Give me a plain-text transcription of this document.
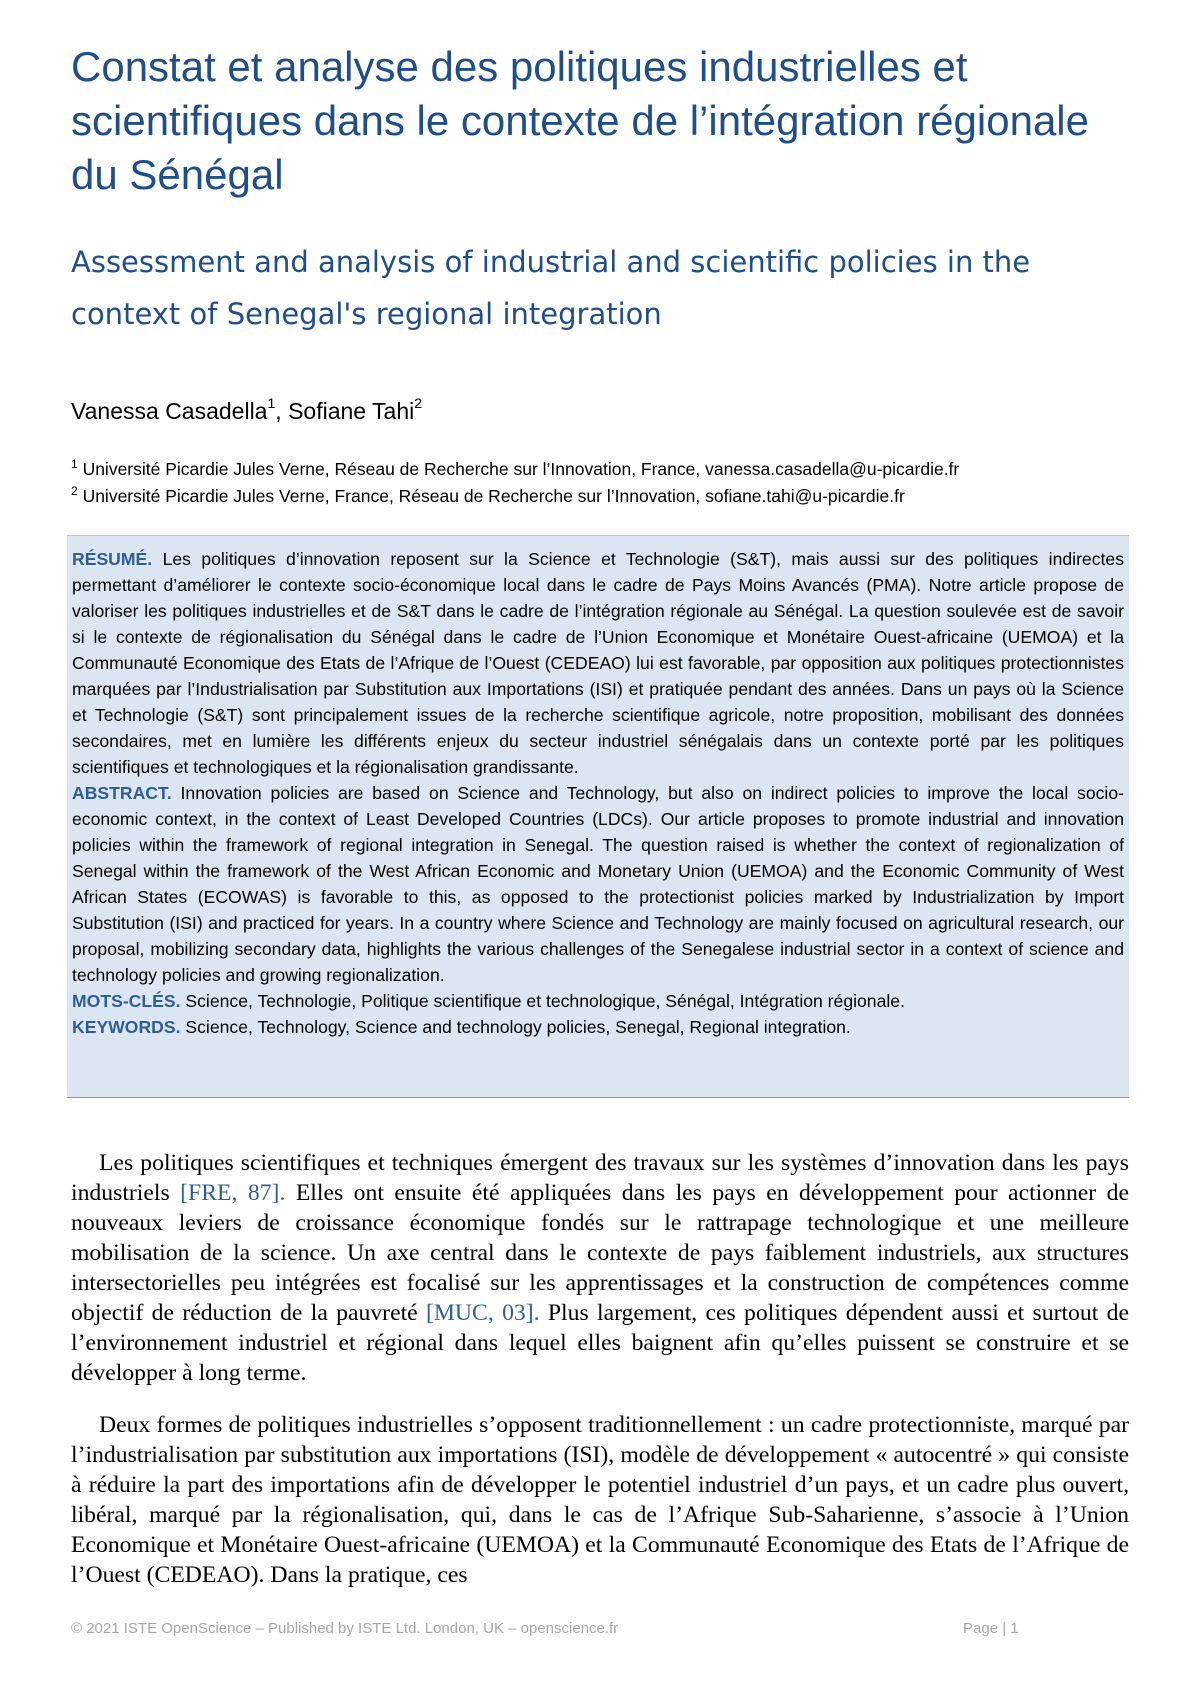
Constat et analyse des politiques industrielles et scientifiques dans le contexte de l’intégration régionale du Sénégal
Assessment and analysis of industrial and scientific policies in the context of Senegal's regional integration

Vanessa Casadella$^1$, Sofiane Tahi$^2$

$^1$ Université Picardie Jules Verne, Réseau de Recherche sur l’Innovation, France, vanessa.casadella@u-picardie.fr

$^2$ Université Picardie Jules Verne, France, Réseau de Recherche sur l’Innovation, sofiane.tahi@u-picardie.fr

RÉSUMÉ. Les politiques d’innovation reposent sur la Science et Technologie (S&T), mais aussi sur des politiques indirectes permettant d’améliorer le contexte socio-économique local dans le cadre de Pays Moins Avancés (PMA). Notre article propose de valoriser les politiques industrielles et de S&T dans le cadre de l’intégration régionale au Sénégal. La question soulevée est de savoir si le contexte de régionalisation du Sénégal dans le cadre de l’Union Economique et Monétaire Ouest-africaine (UEMOA) et la Communauté Economique des Etats de l’Afrique de l’Ouest (CEDEAO) lui est favorable, par opposition aux politiques protectionnistes marquées par l’Industrialisation par Substitution aux Importations (ISI) et pratiquée pendant des années. Dans un pays où la Science et Technologie (S&T) sont principalement issues de la recherche scientifique agricole, notre proposition, mobilisant des données secondaires, met en lumière les différents enjeux du secteur industriel sénégalais dans un contexte porté par les politiques scientifiques et technologiques et la régionalisation grandissante.

ABSTRACT. Innovation policies are based on Science and Technology, but also on indirect policies to improve the local socio-economic context, in the context of Least Developed Countries (LDCs). Our article proposes to promote industrial and innovation policies within the framework of regional integration in Senegal. The question raised is whether the context of regionalization of Senegal within the framework of the West African Economic and Monetary Union (UEMOA) and the Economic Community of West African States (ECOWAS) is favorable to this, as opposed to the protectionist policies marked by Industrialization by Import Substitution (ISI) and practiced for years. In a country where Science and Technology are mainly focused on agricultural research, our proposal, mobilizing secondary data, highlights the various challenges of the Senegalese industrial sector in a context of science and technology policies and growing regionalization.

MOTS-CLÉS. Science, Technologie, Politique scientifique et technologique, Sénégal, Intégration régionale.

KEYWORDS. Science, Technology, Science and technology policies, Senegal, Regional integration.

Les politiques scientifiques et techniques émergent des travaux sur les systèmes d’innovation dans les pays industriels [FRE, 87]. Elles ont ensuite été appliquées dans les pays en développement pour actionner de nouveaux leviers de croissance économique fondés sur le rattrapage technologique et une meilleure mobilisation de la science. Un axe central dans le contexte de pays faiblement industriels, aux structures intersectorielles peu intégrées est focalisé sur les apprentissages et la construction de compétences comme objectif de réduction de la pauvreté [MUC, 03]. Plus largement, ces politiques dépendent aussi et surtout de l’environnement industriel et régional dans lequel elles baignent afin qu’elles puissent se construire et se développer à long terme.

Deux formes de politiques industrielles s’opposent traditionnellement : un cadre protectionniste, marqué par l’industrialisation par substitution aux importations (ISI), modèle de développement « autocentré » qui consiste à réduire la part des importations afin de développer le potentiel industriel d’un pays, et un cadre plus ouvert, libéral, marqué par la régionalisation, qui, dans le cas de l’Afrique Sub-Saharienne, s’associe à l’Union Economique et Monétaire Ouest-africaine (UEMOA) et la Communauté Economique des Etats de l’Afrique de l’Ouest (CEDEAO). Dans la pratique, ces

© 2021 ISTE OpenScience – Published by ISTE Ltd. London, UK – openscience.fr	Page | 1
